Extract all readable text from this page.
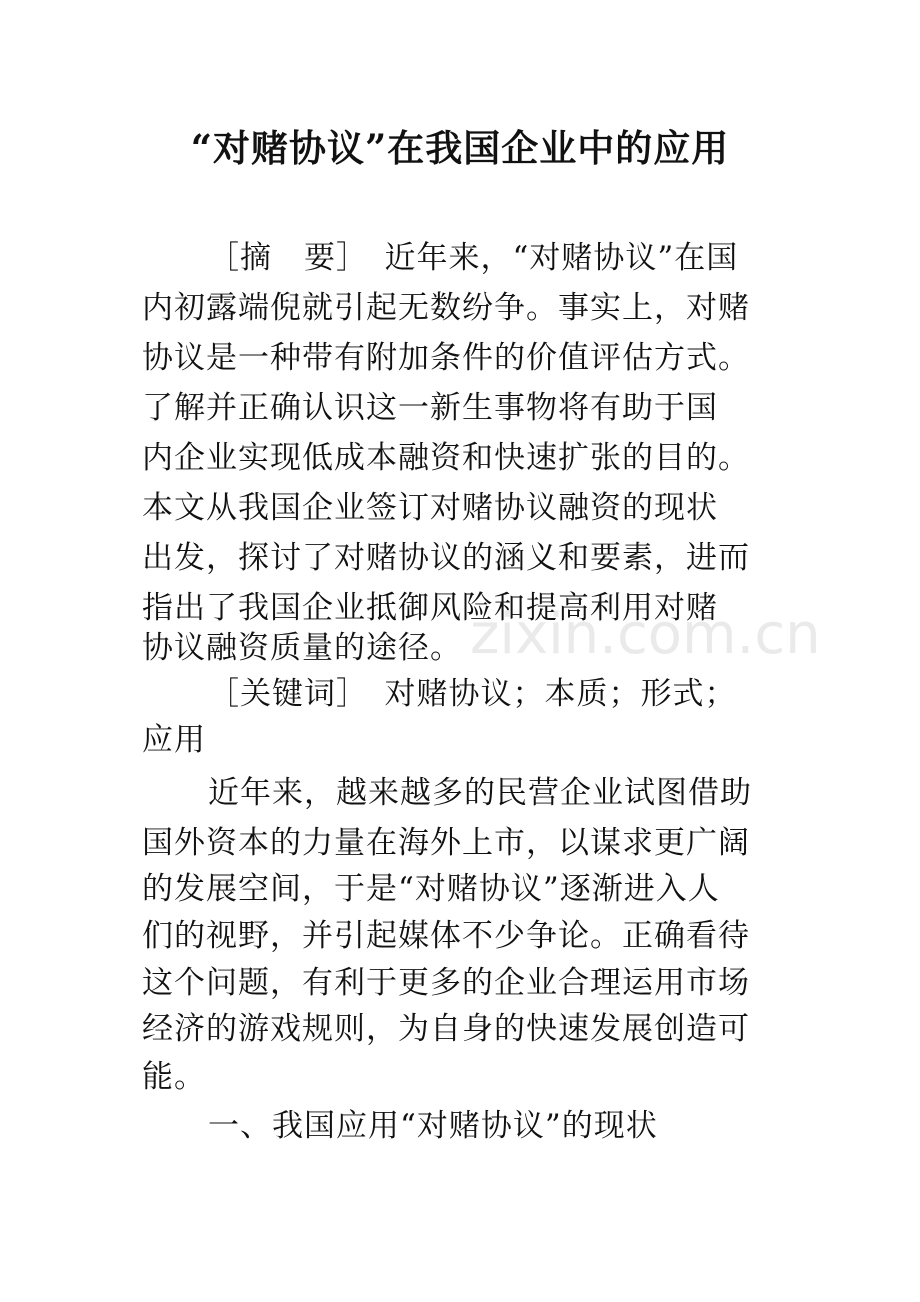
“对赌协议”在我国企业中的应用
［摘　要］　近年来，“对赌协议”在国
内初露端倪就引起无数纷争。事实上，对赌
协议是一种带有附加条件的价值评估方式。
了解并正确认识这一新生事物将有助于国
内企业实现低成本融资和快速扩张的目的。
本文从我国企业签订对赌协议融资的现状
出发，探讨了对赌协议的涵义和要素，进而
指出了我国企业抵御风险和提高利用对赌
协议融资质量的途径。
［关键词］　对赌协议；本质；形式；
应用
近年来，越来越多的民营企业试图借助
国外资本的力量在海外上市，以谋求更广阔
的发展空间，于是“对赌协议”逐渐进入人
们的视野，并引起媒体不少争论。正确看待
这个问题，有利于更多的企业合理运用市场
经济的游戏规则，为自身的快速发展创造可
能。
一、我国应用“对赌协议”的现状
zixin.com.cn
